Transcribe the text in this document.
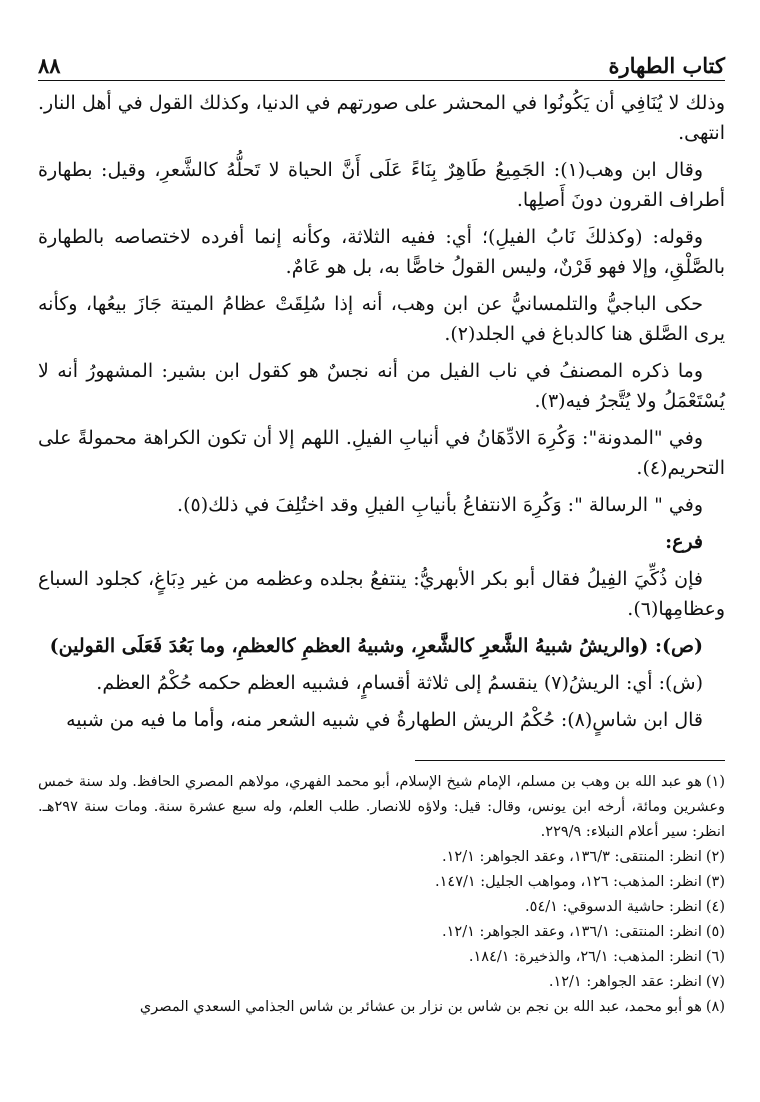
كتاب الطهارة
٨٨

وذلك لا يُنَافِي أن يَكُونُوا في المحشر على صورتهم في الدنيا، وكذلك القول في أهل النار. انتهى.

وقال ابن وهب(١): الجَمِيعُ طَاهِرٌ بِنَاءً عَلَى أَنَّ الحياة لا تَحلُّهُ كالشَّعرِ، وقيل: بطهارة أطراف القرون دونَ أَصلِها.

وقوله: (وكذلكَ نَابُ الفيلِ)؛ أي: ففيه الثلاثة، وكأنه إنما أفرده لاختصاصه بالطهارة بالصَّلْقِ، وإلا فهو قَرْنٌ، وليس القولُ خاصًّا به، بل هو عَامٌ.

حكى الباجيُّ والتلمسانيُّ عن ابن وهب، أنه إذا سُلِقَتْ عظامُ الميتة جَازَ بيعُها، وكأنه يرى الصَّلق هنا كالدباغ في الجلد(٢).

وما ذكره المصنفُ في ناب الفيل من أنه نجسٌ هو كقول ابن بشير: المشهورُ أنه لا يُسْتَعْمَلُ ولا يُتَّجرُ فيه(٣).

وفي "المدونة": وَكُرِهَ الادِّهَانُ في أنيابِ الفيلِ. اللهم إلا أن تكون الكراهة محمولةً على التحريم(٤).

وفي " الرسالة ": وَكُرِهَ الانتفاعُ بأنيابِ الفيلِ وقد اختُلِفَ في ذلك(٥).

فرع:

فإن ذُكِّيَ الفِيلُ فقال أبو بكر الأبهريُّ: ينتفعُ بجلده وعظمه من غير دِبَاغٍ، كجلود السباع وعظامِها(٦).

(ص): (والريشُ شبيهُ الشَّعرِ كالشَّعرِ، وشبيهُ العظمِ كالعظمِ، وما بَعُدَ فَعَلَى القولين)

(ش): أي: الريشُ(٧) ينقسمُ إلى ثلاثة أقسامٍ، فشبيه العظم حكمه حُكْمُ العظم.

قال ابن شاسٍ(٨): حُكْمُ الريش الطهارةُ في شبيه الشعر منه، وأما ما فيه من شبيه

(١)هو عبد الله بن وهب بن مسلم، الإمام شيخ الإسلام، أبو محمد الفهري، مولاهم المصري الحافظ. ولد سنة خمس وعشرين ومائة، أرخه ابن يونس، وقال: قيل: ولاؤه للانصار. طلب العلم، وله سبع عشرة سنة. ومات سنة ٢٩٧هـ. انظر: سير أعلام النبلاء: ٢٢٩/٩.

(٢)انظر: المنتقى: ١٣٦/٣، وعقد الجواهر: ١٢/١.

(٣)انظر: المذهب: ١٢٦، ومواهب الجليل: ١٤٧/١.

(٤)انظر: حاشية الدسوقي: ٥٤/١.

(٥)انظر: المنتقى: ١٣٦/١، وعقد الجواهر: ١٢/١.

(٦)انظر: المذهب: ٢٦/١، والذخيرة: ١٨٤/١.

(٧)انظر: عقد الجواهر: ١٢/١.

(٨)هو أبو محمد، عبد الله بن نجم بن شاس بن نزار بن عشائر بن شاس الجذامي السعدي المصري
